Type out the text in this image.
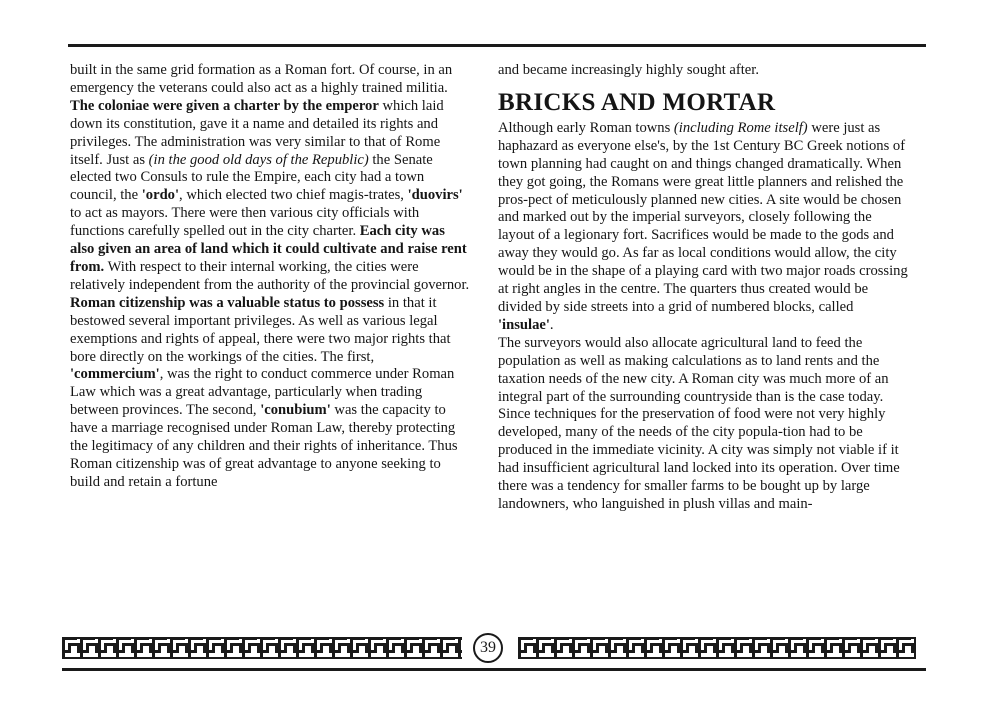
built in the same grid formation as a Roman fort. Of course, in an emergency the veterans could also act as a highly trained militia.

The coloniae were given a charter by the emperor which laid down its constitution, gave it a name and detailed its rights and privileges. The administration was very similar to that of Rome itself. Just as (in the good old days of the Republic) the Senate elected two Consuls to rule the Empire, each city had a town council, the 'ordo', which elected two chief magis-trates, 'duovirs' to act as mayors. There were then various city officials with functions carefully spelled out in the city charter. Each city was also given an area of land which it could cultivate and raise rent from. With respect to their internal working, the cities were relatively independent from the authority of the provincial governor.

Roman citizenship was a valuable status to possess in that it bestowed several important privileges. As well as various legal exemptions and rights of appeal, there were two major rights that bore directly on the workings of the cities. The first, 'commercium', was the right to conduct commerce under Roman Law which was a great advantage, particularly when trading between provinces. The second, 'conubium' was the capacity to have a marriage recognised under Roman Law, thereby protecting the legitimacy of any children and their rights of inheritance. Thus Roman citizenship was of great advantage to anyone seeking to build and retain a fortune

and became increasingly highly sought after.

BRICKS AND MORTAR

Although early Roman towns (including Rome itself) were just as haphazard as everyone else's, by the 1st Century BC Greek notions of town planning had caught on and things changed dramatically. When they got going, the Romans were great little planners and relished the pros-pect of meticulously planned new cities. A site would be chosen and marked out by the imperial surveyors, closely following the layout of a legionary fort. Sacrifices would be made to the gods and away they would go. As far as local conditions would allow, the city would be in the shape of a playing card with two major roads crossing at right angles in the centre. The quarters thus created would be divided by side streets into a grid of numbered blocks, called 'insulae'.

The surveyors would also allocate agricultural land to feed the population as well as making calculations as to land rents and the taxation needs of the new city. A Roman city was much more of an integral part of the surrounding countryside than is the case today. Since techniques for the preservation of food were not very highly developed, many of the needs of the city popula-tion had to be produced in the immediate vicinity. A city was simply not viable if it had insufficient agricultural land locked into its operation. Over time there was a tendency for smaller farms to be bought up by large landowners, who languished in plush villas and main-

39
